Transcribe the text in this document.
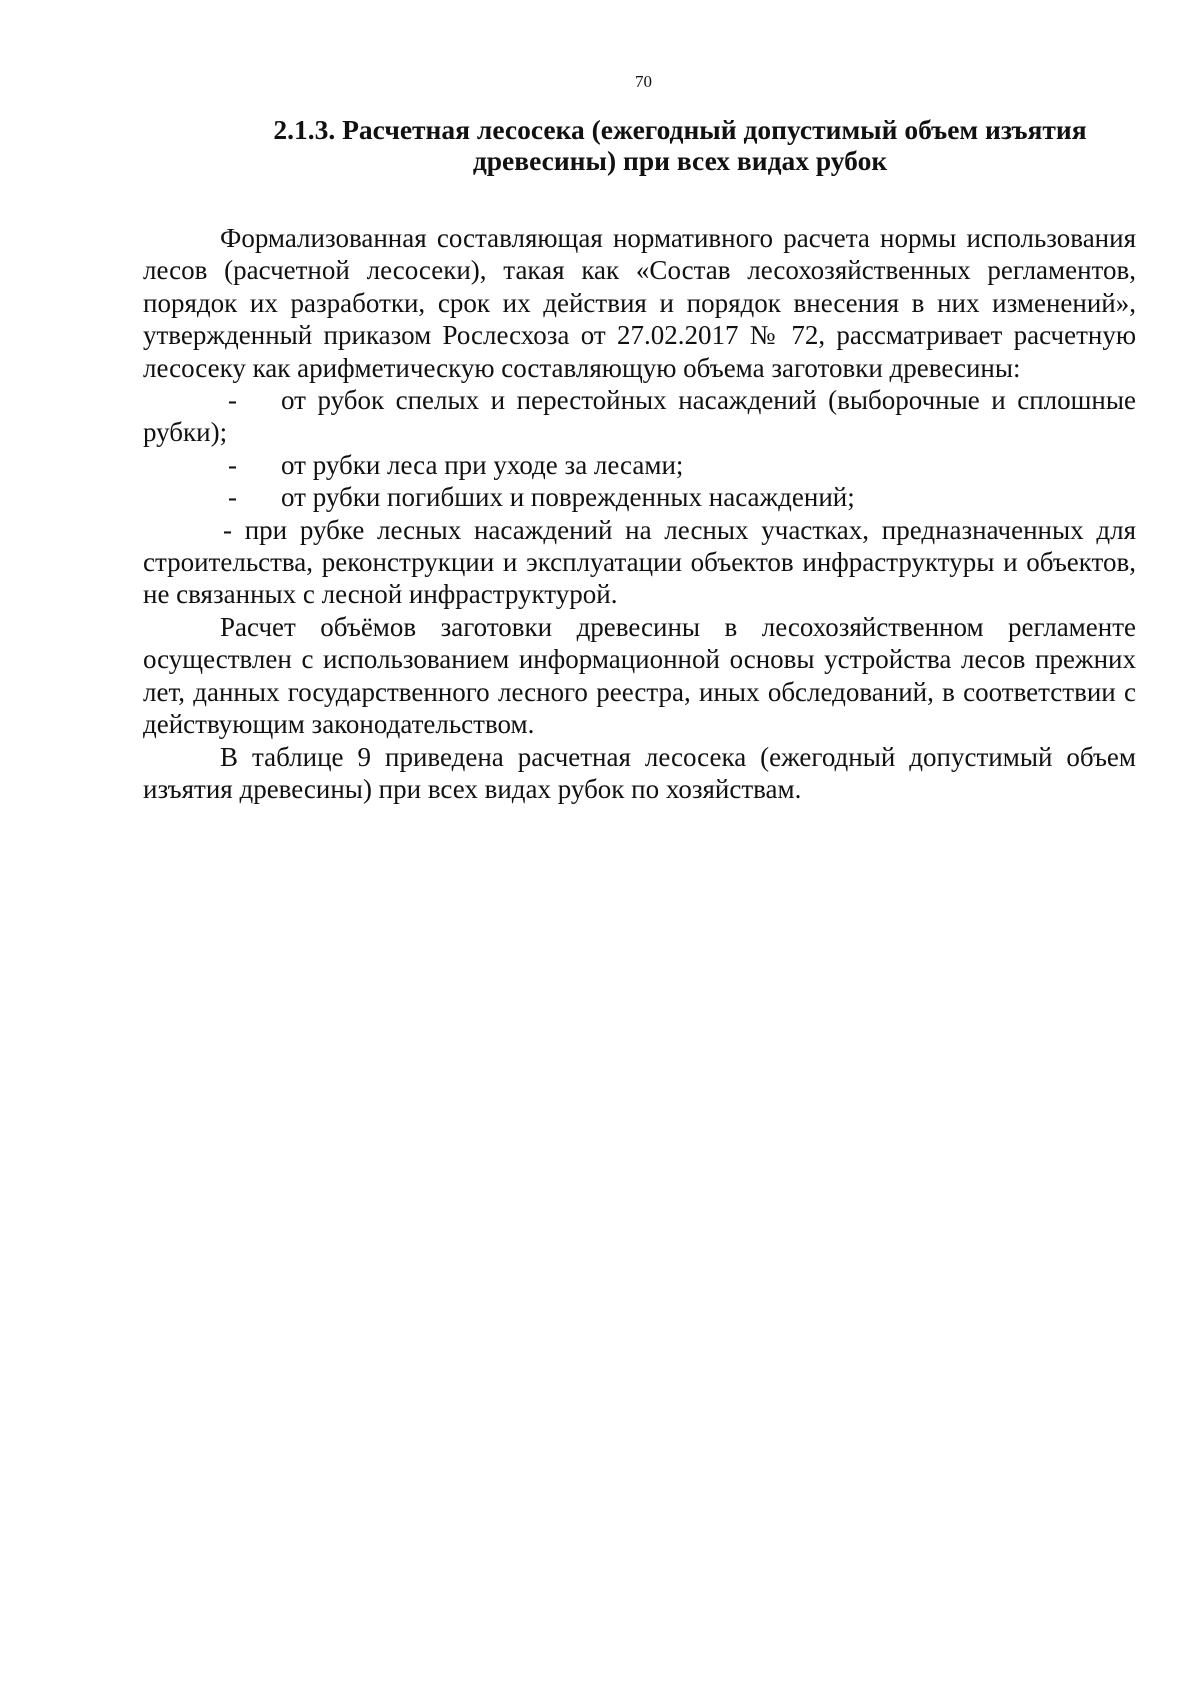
70
2.1.3. Расчетная лесосека (ежегодный допустимый объем изъятия
древесины) при всех видах рубок

Формализованная составляющая нормативного расчета нормы использования лесов (расчетной лесосеки), такая как «Состав лесохозяйственных регламентов, порядок их разработки, срок их действия и порядок внесения в них изменений», утвержденный приказом Рослесхоза от 27.02.2017 № 72, рассматривает расчетную лесосеку как арифметическую составляющую объема заготовки древесины:

- от рубок спелых и перестойных насаждений (выборочные и сплошные рубки);

- от рубки леса при уходе за лесами;

- от рубки погибших и поврежденных насаждений;

- при рубке лесных насаждений на лесных участках, предназначенных для строительства, реконструкции и эксплуатации объектов инфраструктуры и объектов, не связанных с лесной инфраструктурой.

Расчет объёмов заготовки древесины в лесохозяйственном регламенте осуществлен с использованием информационной основы устройства лесов прежних лет, данных государственного лесного реестра, иных обследований, в соответствии с действующим законодательством.

В таблице 9 приведена расчетная лесосека (ежегодный допустимый объем изъятия древесины) при всех видах рубок по хозяйствам.
